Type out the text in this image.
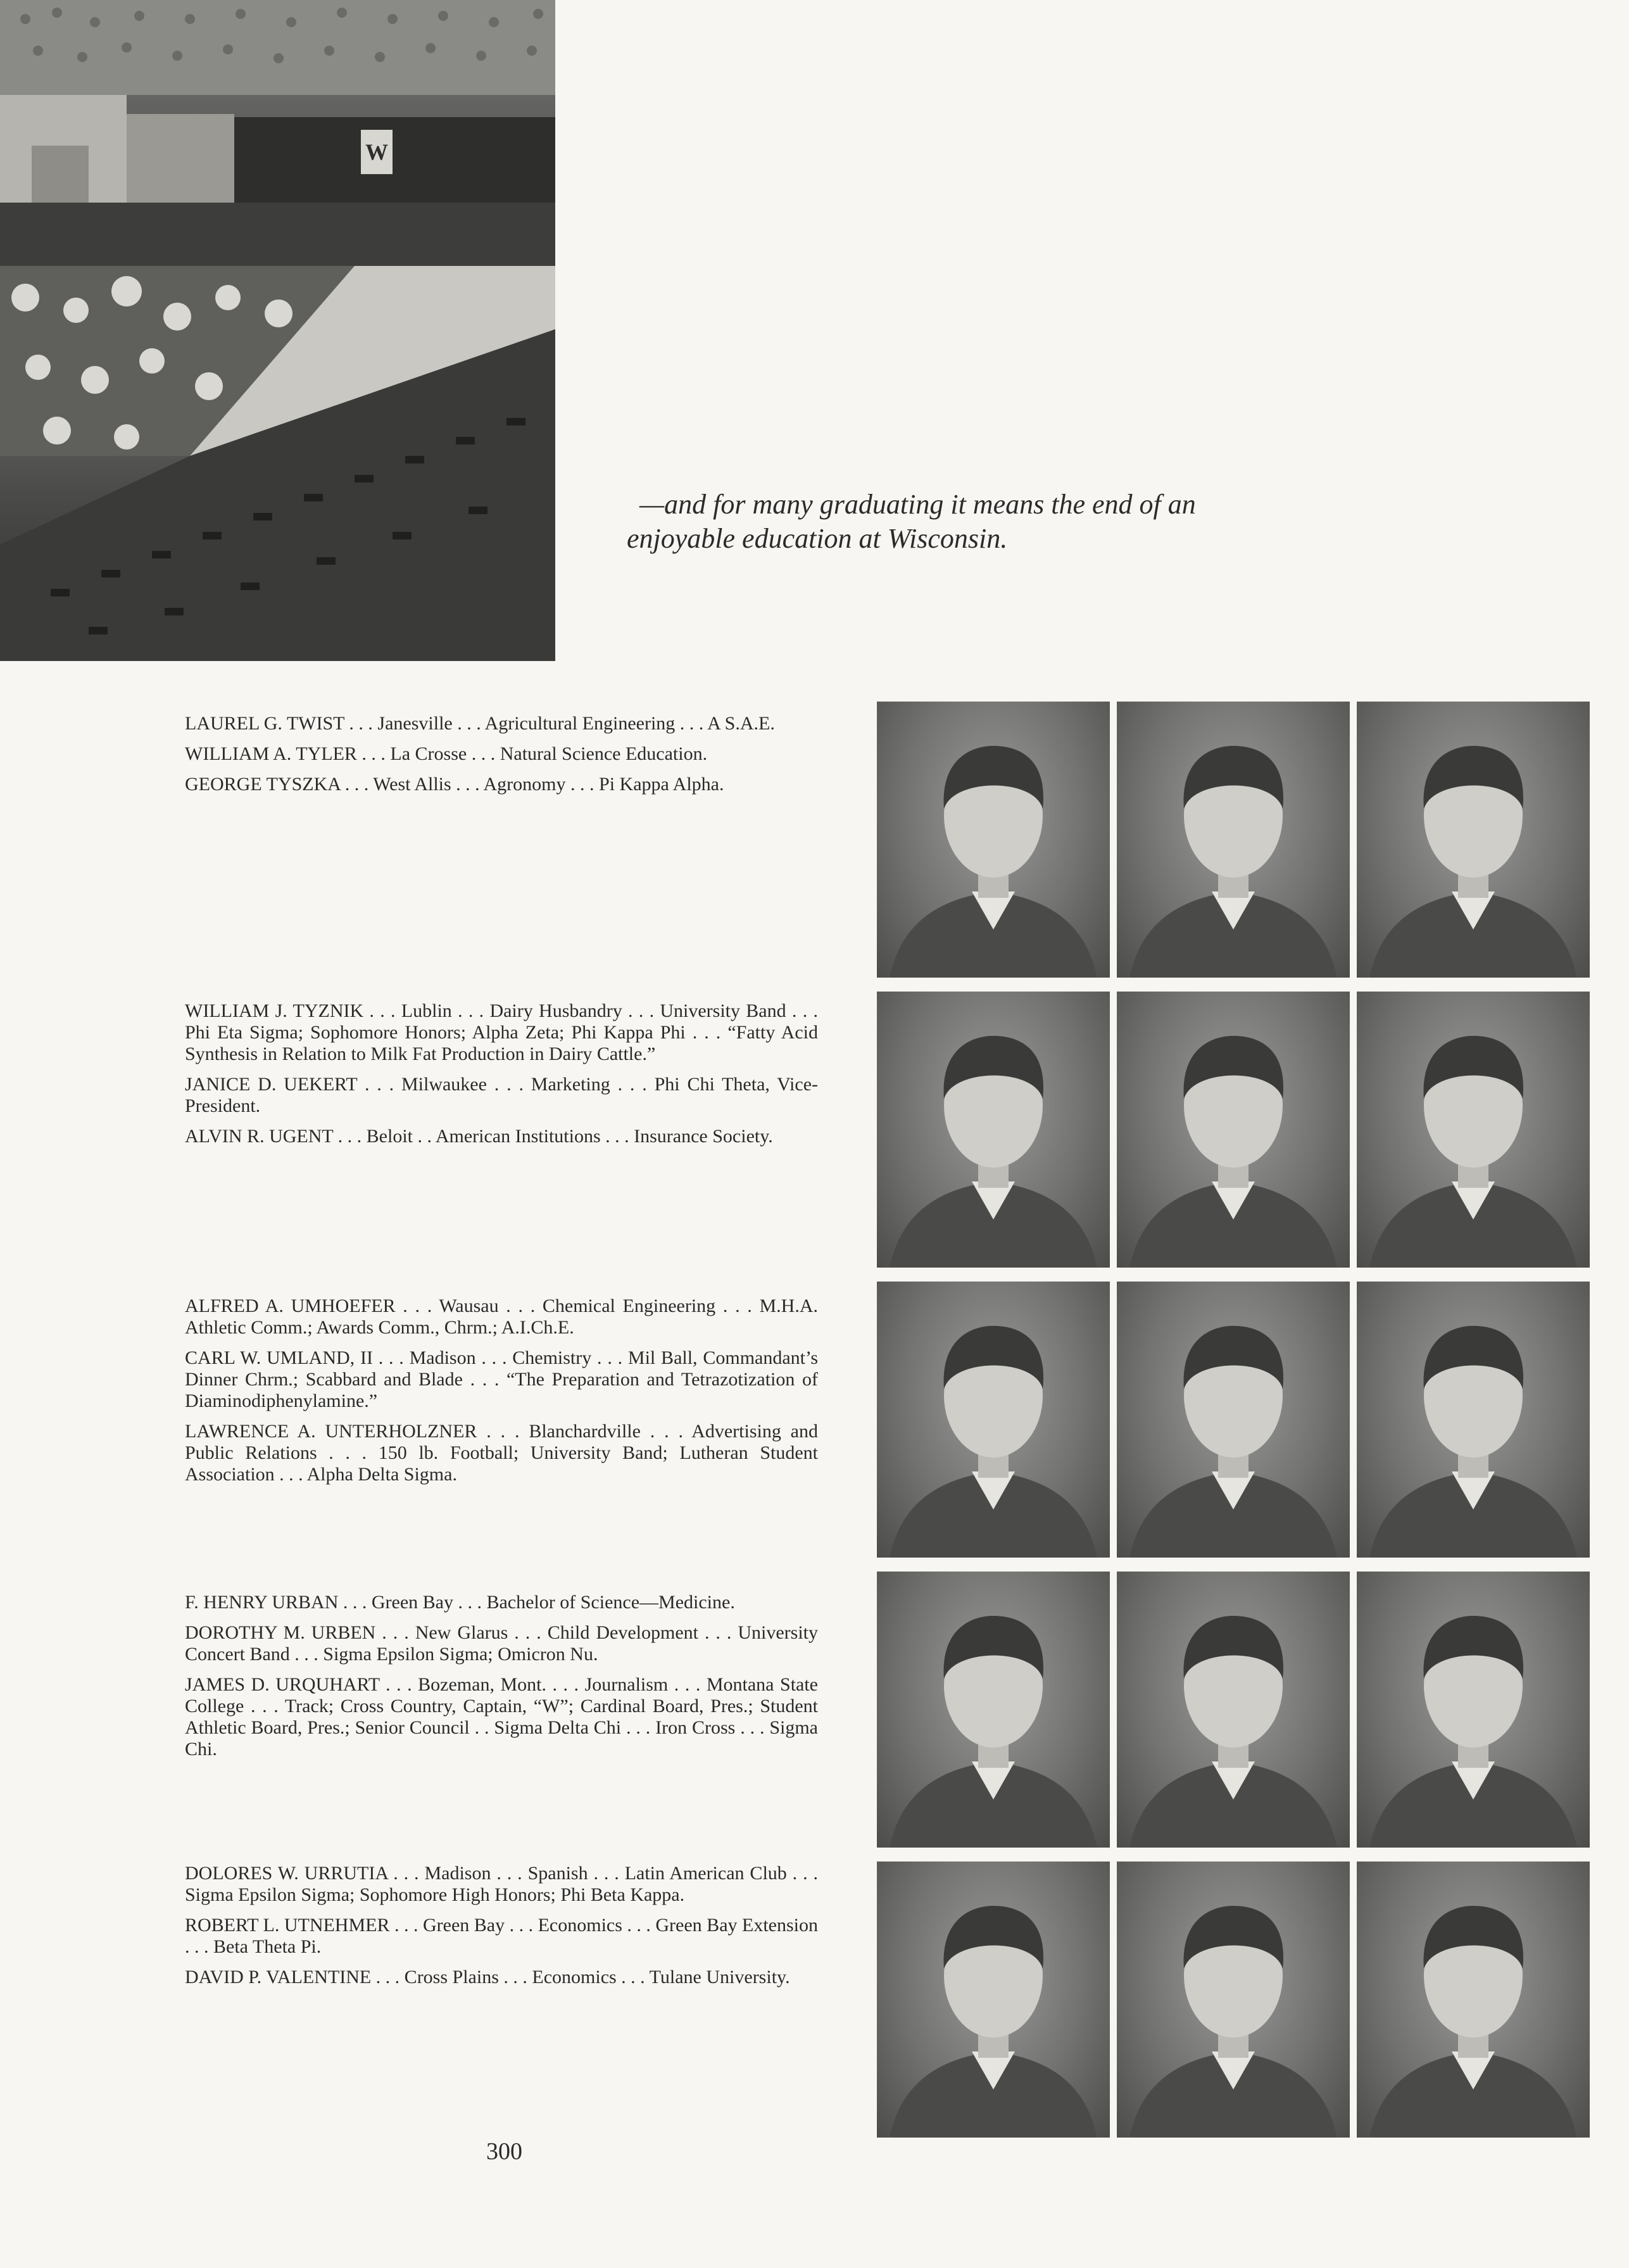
W
—and for many graduating it means the end of an
enjoyable education at Wisconsin.

LAUREL G. TWIST . . . Janesville . . . Agricultural Engineering . . . A S.A.E.

WILLIAM A. TYLER . . . La Crosse . . . Natural Science Education.

GEORGE TYSZKA . . . West Allis . . . Agronomy . . . Pi Kappa Alpha.

WILLIAM J. TYZNIK . . . Lublin . . . Dairy Husbandry . . . University Band . . . Phi Eta Sigma; Sophomore Honors; Alpha Zeta; Phi Kappa Phi . . . “Fatty Acid Synthesis in Relation to Milk Fat Production in Dairy Cattle.”

JANICE D. UEKERT . . . Milwaukee . . . Marketing . . . Phi Chi Theta, Vice-President.

ALVIN R. UGENT . . . Beloit . . American Institutions . . . Insurance Society.

ALFRED A. UMHOEFER . . . Wausau . . . Chemical Engineering . . . M.H.A. Athletic Comm.; Awards Comm., Chrm.; A.I.Ch.E.

CARL W. UMLAND, II . . . Madison . . . Chemistry . . . Mil Ball, Commandant’s Dinner Chrm.; Scabbard and Blade . . . “The Preparation and Tetrazotization of Diaminodiphenylamine.”

LAWRENCE A. UNTERHOLZNER . . . Blanchardville . . . Advertising and Public Relations . . . 150 lb. Football; University Band; Lutheran Student Association . . . Alpha Delta Sigma.

F. HENRY URBAN . . . Green Bay . . . Bachelor of Science—Medicine.

DOROTHY M. URBEN . . . New Glarus . . . Child Development . . . University Concert Band . . . Sigma Epsilon Sigma; Omicron Nu.

JAMES D. URQUHART . . . Bozeman, Mont. . . . Journalism . . . Montana State College . . . Track; Cross Country, Captain, “W”; Cardinal Board, Pres.; Student Athletic Board, Pres.; Senior Council . . Sigma Delta Chi . . . Iron Cross . . . Sigma Chi.

DOLORES W. URRUTIA . . . Madison . . . Spanish . . . Latin American Club . . . Sigma Epsilon Sigma; Sophomore High Honors; Phi Beta Kappa.

ROBERT L. UTNEHMER . . . Green Bay . . . Economics . . . Green Bay Extension . . . Beta Theta Pi.

DAVID P. VALENTINE . . . Cross Plains . . . Economics . . . Tulane University.

300
